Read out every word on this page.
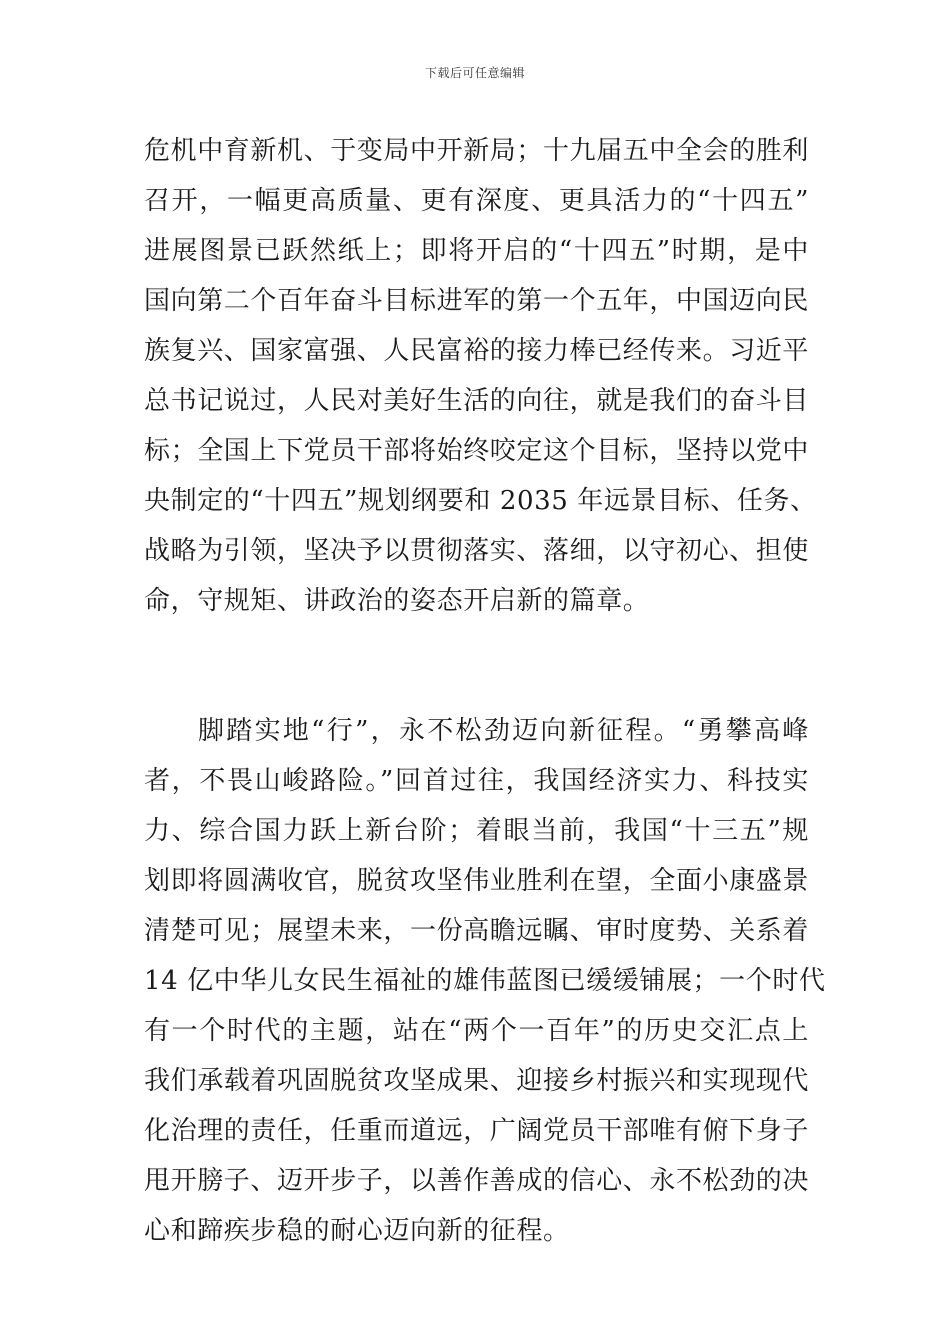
下载后可任意编辑
危机中育新机、于变局中开新局；十九届五中全会的胜利
召开，一幅更高质量、更有深度、更具活力的“十四五”
进展图景已跃然纸上；即将开启的“十四五”时期，是中
国向第二个百年奋斗目标进军的第一个五年，中国迈向民
族复兴、国家富强、人民富裕的接力棒已经传来。习近平
总书记说过，人民对美好生活的向往，就是我们的奋斗目
标；全国上下党员干部将始终咬定这个目标，坚持以党中
央制定的“十四五”规划纲要和 2035 年远景目标、任务、
战略为引领，坚决予以贯彻落实、落细，以守初心、担使
命，守规矩、讲政治的姿态开启新的篇章。
脚踏实地“行”，永不松劲迈向新征程。“勇攀高峰
者，不畏山峻路险。”回首过往，我国经济实力、科技实
力、综合国力跃上新台阶；着眼当前，我国“十三五”规
划即将圆满收官，脱贫攻坚伟业胜利在望，全面小康盛景
清楚可见；展望未来，一份高瞻远瞩、审时度势、关系着
14 亿中华儿女民生福祉的雄伟蓝图已缓缓铺展；一个时代
有一个时代的主题，站在“两个一百年”的历史交汇点上
我们承载着巩固脱贫攻坚成果、迎接乡村振兴和实现现代
化治理的责任，任重而道远，广阔党员干部唯有俯下身子
甩开膀子、迈开步子，以善作善成的信心、永不松劲的决
心和蹄疾步稳的耐心迈向新的征程。
